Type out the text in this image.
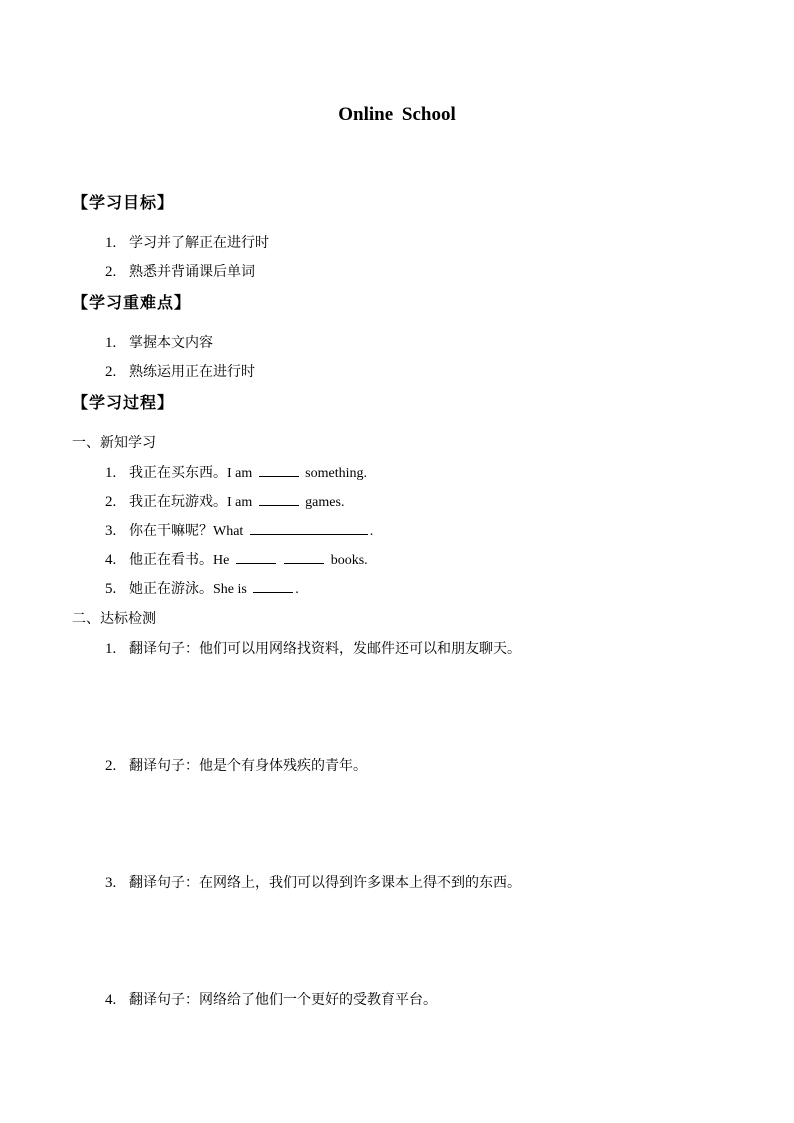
Online School
【学习目标】
1. 学习并了解正在进行时
2. 熟悉并背诵课后单词
【学习重难点】
1. 掌握本文内容
2. 熟练运用正在进行时
【学习过程】
一、新知学习
1. 我正在买东西。I am	something.
2. 我正在玩游戏。I am	games.
3. 你在干嘛呢？What	.
4. 他正在看书。He	books.
5. 她正在游泳。She is	.
二、达标检测
1. 翻译句子：他们可以用网络找资料，发邮件还可以和朋友聊天。
2. 翻译句子：他是个有身体残疾的青年。
3. 翻译句子：在网络上，我们可以得到许多课本上得不到的东西。
4. 翻译句子：网络给了他们一个更好的受教育平台。
